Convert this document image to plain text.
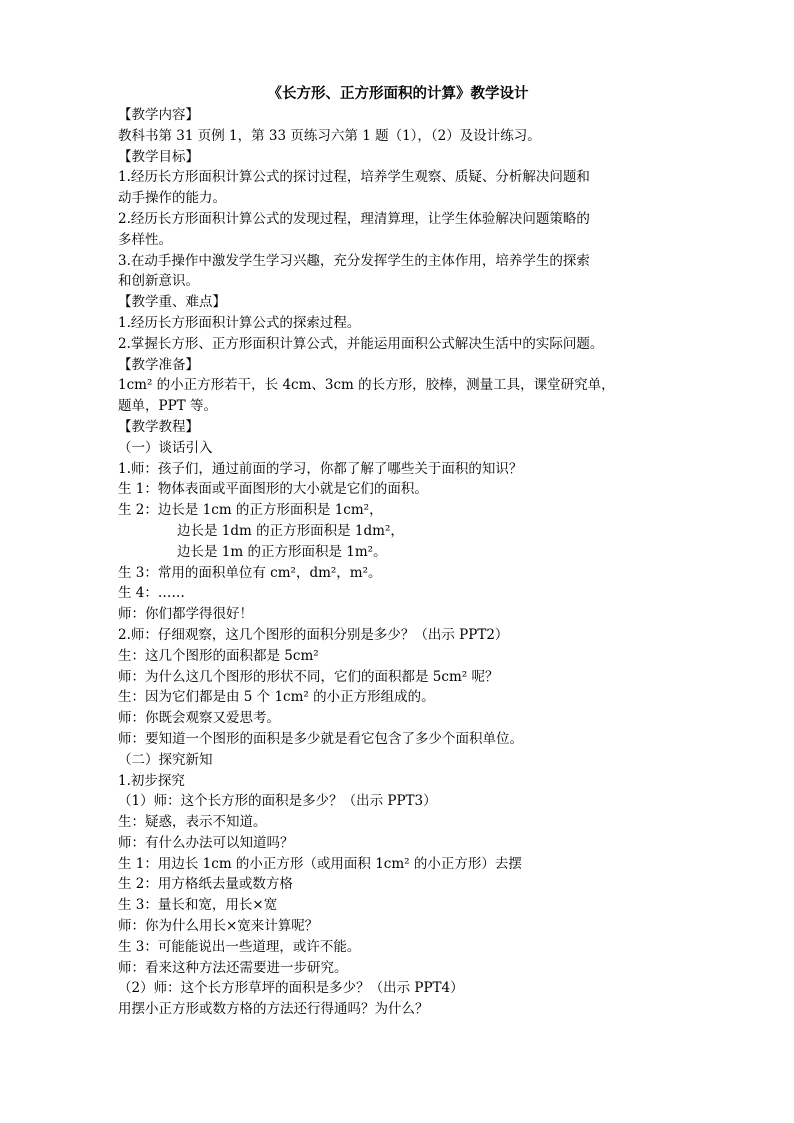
《长方形、正方形面积的计算》教学设计

【教学内容】

教科书第 31 页例 1，第 33 页练习六第 1 题（1），（2）及设计练习。

【教学目标】

1.经历长方形面积计算公式的探讨过程，培养学生观察、质疑、分析解决问题和

动手操作的能力。

2.经历长方形面积计算公式的发现过程，理清算理，让学生体验解决问题策略的

多样性。

3.在动手操作中激发学生学习兴趣，充分发挥学生的主体作用，培养学生的探索

和创新意识。

【教学重、难点】

1.经历长方形面积计算公式的探索过程。

2.掌握长方形、正方形面积计算公式，并能运用面积公式解决生活中的实际问题。

【教学准备】

1cm² 的小正方形若干，长 4cm、3cm 的长方形，胶棒，测量工具，课堂研究单，

题单，PPT 等。

【教学教程】

（一）谈话引入

1.师：孩子们，通过前面的学习，你都了解了哪些关于面积的知识？

生 1：物体表面或平面图形的大小就是它们的面积。

生 2：边长是 1cm 的正方形面积是 1cm²，

边长是 1dm 的正方形面积是 1dm²，

边长是 1m 的正方形面积是 1m²。

生 3：常用的面积单位有 cm²，dm²，m²。

生 4：……

师：你们都学得很好！

2.师：仔细观察，这几个图形的面积分别是多少？（出示 PPT2）

生：这几个图形的面积都是 5cm²

师：为什么这几个图形的形状不同，它们的面积都是 5cm² 呢？

生：因为它们都是由 5 个 1cm² 的小正方形组成的。

师：你既会观察又爱思考。

师：要知道一个图形的面积是多少就是看它包含了多少个面积单位。

（二）探究新知

1.初步探究

（1）师：这个长方形的面积是多少？（出示 PPT3）

生：疑惑，表示不知道。

师：有什么办法可以知道吗？

生 1：用边长 1cm 的小正方形（或用面积 1cm² 的小正方形）去摆

生 2：用方格纸去量或数方格

生 3：量长和宽，用长×宽

师：你为什么用长×宽来计算呢？

生 3：可能能说出一些道理，或许不能。

师：看来这种方法还需要进一步研究。

（2）师：这个长方形草坪的面积是多少？（出示 PPT4）

用摆小正方形或数方格的方法还行得通吗？为什么？
